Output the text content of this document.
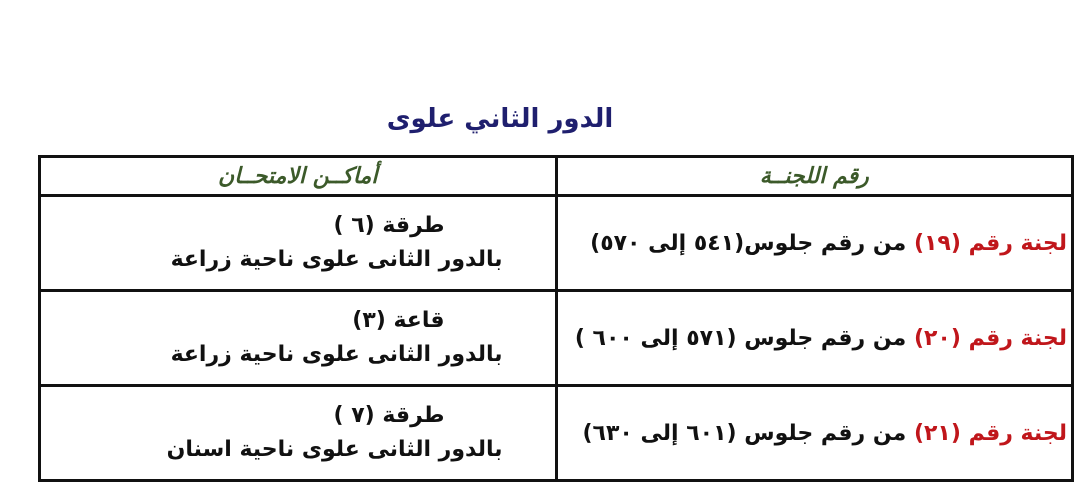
الدور الثاني علوى
رقم اللجنــة	أماكــن الامتحــان
لجنة رقم (١٩) من رقم جلوس(٥٤١ إلى ٥٧٠)	طرقة (٦ )
بالدور الثانى علوى ناحية زراعة

لجنة رقم (٢٠) من رقم جلوس (٥٧١ إلى ٦٠٠ )	قاعة (٣)
بالدور الثانى علوى ناحية زراعة

لجنة رقم (٢١) من رقم جلوس (٦٠١ إلى ٦٣٠)	طرقة (٧ )
بالدور الثانى علوى ناحية اسنان
